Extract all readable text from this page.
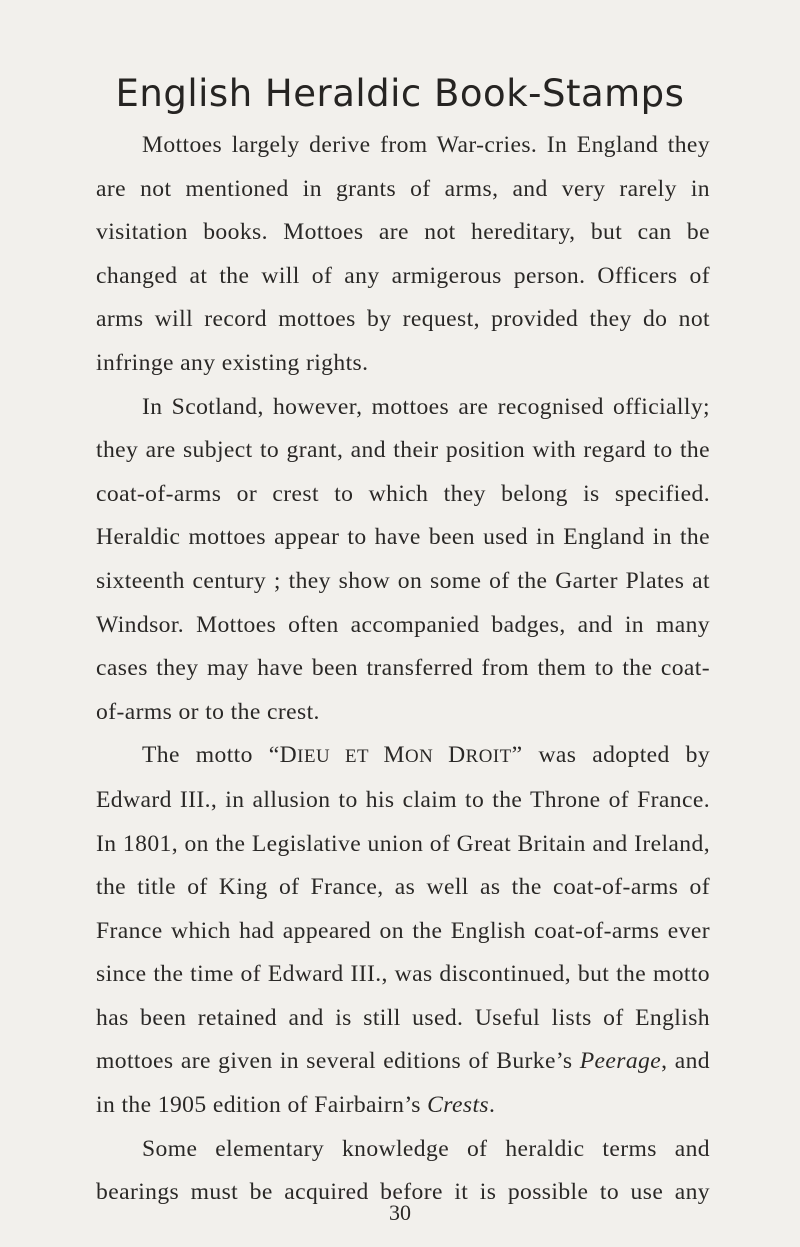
English Heraldic Book-Stamps

Mottoes largely derive from War-cries. In England they are not mentioned in grants of arms, and very rarely in visitation books. Mottoes are not hereditary, but can be changed at the will of any armigerous person. Officers of arms will record mottoes by request, provided they do not infringe any existing rights.

In Scotland, however, mottoes are recognised officially; they are subject to grant, and their position with regard to the coat-of-arms or crest to which they belong is specified. Heraldic mottoes appear to have been used in England in the sixteenth century ; they show on some of the Garter Plates at Windsor. Mottoes often accompanied badges, and in many cases they may have been transferred from them to the coat-of-arms or to the crest.

The motto “DIEU ET MON DROIT” was adopted by Edward III., in allusion to his claim to the Throne of France. In 1801, on the Legislative union of Great Britain and Ireland, the title of King of France, as well as the coat-of-arms of France which had appeared on the English coat-of-arms ever since the time of Edward III., was discontinued, but the motto has been retained and is still used. Useful lists of English mottoes are given in several editions of Burke’s Peerage, and in the 1905 edition of Fairbairn’s Crests.

Some elementary knowledge of heraldic terms and bearings must be acquired before it is possible to use any

30
